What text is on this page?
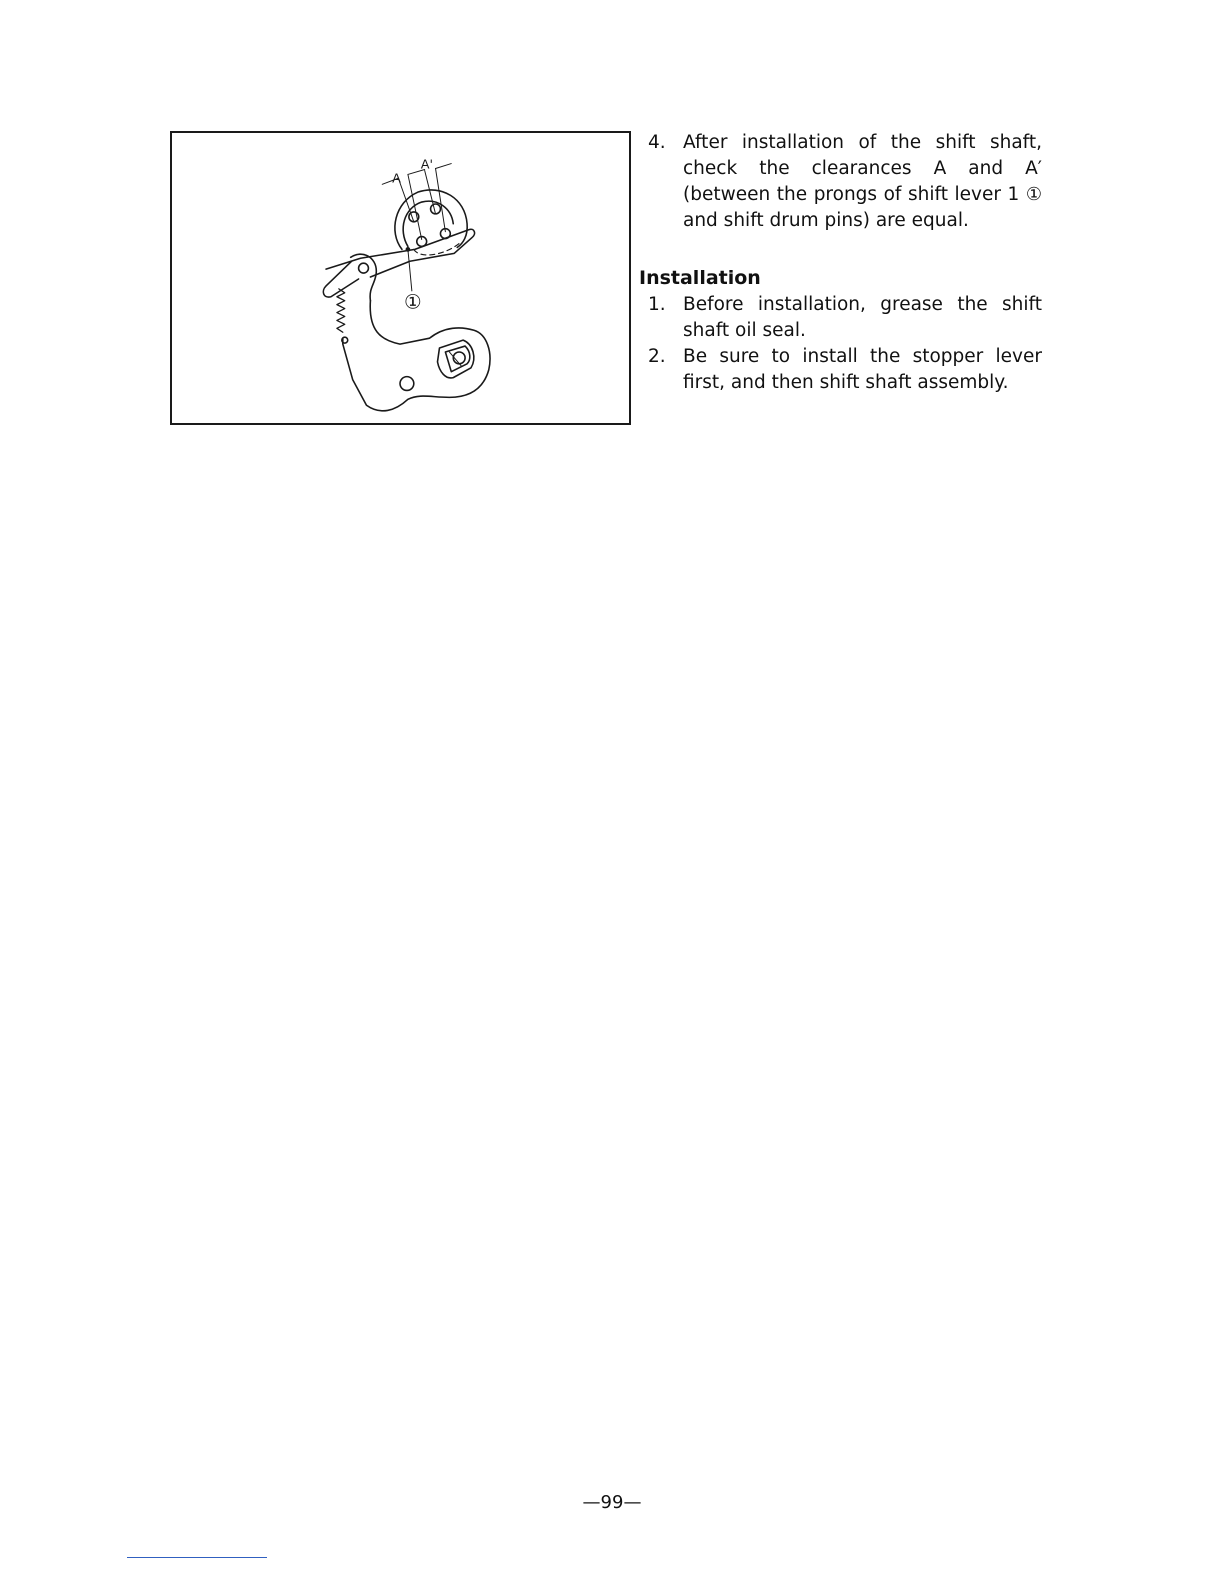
A
A'
①
4. After installation of the shift shaft, check the clearances A and A′ (between the prongs of shift lever 1 ① and shift drum pins) are equal.
Installation
1. Before installation, grease the shift shaft oil seal.
2. Be sure to install the stopper lever first, and then shift shaft assembly.
—99—
